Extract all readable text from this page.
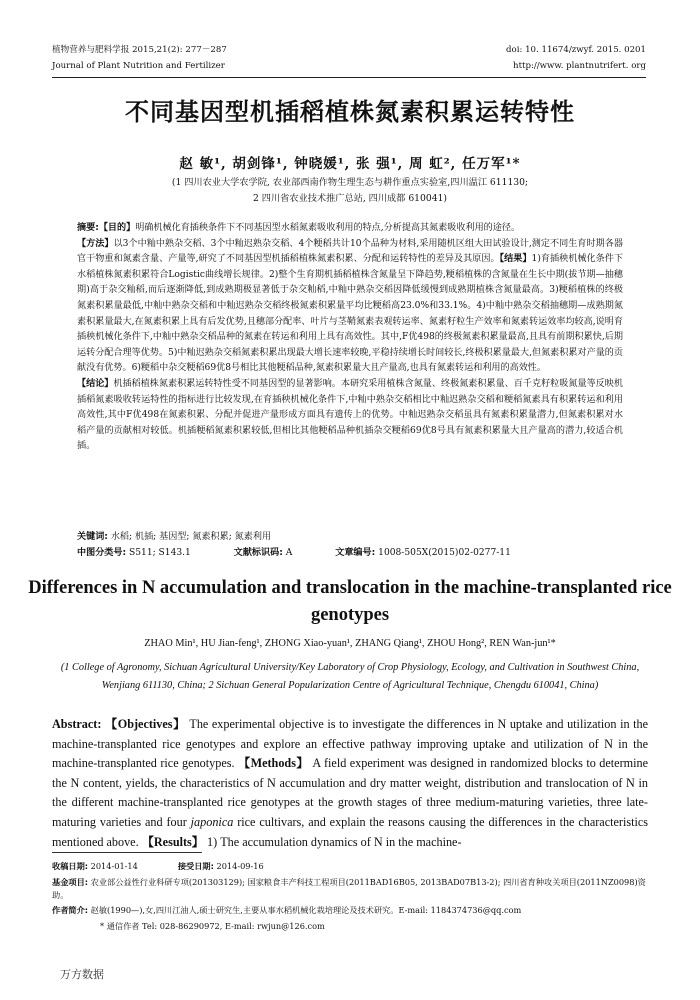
植物营养与肥料学报 2015,21(2): 277－287	doi: 10. 11674/zwyf. 2015. 0201
Journal of Plant Nutrition and Fertilizer	http://www. plantnutrifert. org
不同基因型机插稻植株氮素积累运转特性
赵 敏¹, 胡剑锋¹, 钟晓媛¹, 张 强¹, 周 虹², 任万军¹*
(1 四川农业大学农学院, 农业部西南作物生理生态与耕作重点实验室,四川温江 611130;
2 四川省农业技术推广总站, 四川成都 610041)

摘要:【目的】明确机械化育插秧条件下不同基因型水稻氮素吸收利用的特点,分析提高其氮素吸收利用的途径。

【方法】以3个中籼中熟杂交稻、3个中籼迟熟杂交稻、4个粳稻共计10个品种为材料,采用随机区组大田试验设计,测定不同生育时期各器官干物重和氮素含量、产量等,研究了不同基因型机插稻植株氮素积累、分配和运转特性的差异及其原因。【结果】1)育插秧机械化条件下水稻植株氮素积累符合Logistic曲线增长规律。2)整个生育期机插稻植株含氮量呈下降趋势,粳稻植株的含氮量在生长中期(拔节期—抽穗期)高于杂交籼稻,而后逐渐降低,到成熟期极显著低于杂交籼稻,中籼中熟杂交稻因降低缓慢到成熟期植株含氮量最高。3)粳稻植株的终极氮素积累量最低,中籼中熟杂交稻和中籼迟熟杂交稻终极氮素积累量平均比粳稻高23.0%和33.1%。4)中籼中熟杂交稻抽穗期—成熟期氮素积累量最大,在氮素积累上具有后发优势,且穗部分配率、叶片与茎鞘氮素表观转运率、氮素籽粒生产效率和氮素转运效率均较高,说明育插秧机械化条件下,中籼中熟杂交稻品种的氮素在转运和利用上具有高效性。其中,F优498的终极氮素积累量最高,且具有前期积累快,后期运转分配合理等优势。5)中籼迟熟杂交稻氮素积累出现最大增长速率较晚,平稳持续增长时间较长,终极积累量最大,但氮素积累对产量的贡献没有优势。6)粳稻中杂交粳稻69优8号相比其他粳稻品种,氮素积累量大且产量高,也具有氮素转运和利用的高效性。

【结论】机插稻植株氮素积累运转特性受不同基因型的显著影响。本研究采用植株含氮量、终极氮素积累量、百千克籽粒吸氮量等反映机插稻氮素吸收转运特性的指标进行比较发现,在育插秧机械化条件下,中籼中熟杂交稻相比中籼迟熟杂交稻和粳稻氮素具有积累转运和利用高效性,其中F优498在氮素积累、分配并促进产量形成方面具有遗传上的优势。中籼迟熟杂交稻虽具有氮素积累量潜力,但氮素积累对水稻产量的贡献相对较低。机插粳稻氮素积累较低,但相比其他粳稻品种机插杂交粳稻69优8号具有氮素积累量大且产量高的潜力,较适合机插。

关键词: 水稻; 机插; 基因型; 氮素积累; 氮素利用
中图分类号: S511; S143.1	文献标识码: A	文章编号: 1008-505X(2015)02-0277-11
Differences in N accumulation and translocation in the machine-transplanted rice genotypes
ZHAO Min¹, HU Jian-feng¹, ZHONG Xiao-yuan¹, ZHANG Qiang¹, ZHOU Hong², REN Wan-jun¹*
(1 College of Agronomy, Sichuan Agricultural University/Key Laboratory of Crop Physiology, Ecology, and Cultivation in Southwest China, Wenjiang 611130, China; 2 Sichuan General Popularization Centre of Agricultural Technique, Chengdu 610041, China)

Abstract: 【Objectives】 The experimental objective is to investigate the differences in N uptake and utilization in the machine-transplanted rice genotypes and explore an effective pathway improving uptake and utilization of N in the machine-transplanted rice genotypes. 【Methods】 A field experiment was designed in randomized blocks to determine the N content, yields, the characteristics of N accumulation and dry matter weight, distribution and translocation of N in the different machine-transplanted rice genotypes at the growth stages of three medium-maturing varieties, three late-maturing varieties and four japonica rice cultivars, and explain the reasons causing the differences in the characteristics mentioned above. 【Results】 1) The accumulation dynamics of N in the machine-

收稿日期: 2014-01-14	接受日期: 2014-09-16
基金项目: 农业部公益性行业科研专项(201303129); 国家粮食丰产科技工程项目(2011BAD16B05, 2013BAD07B13-2); 四川省育种攻关项目(2011NZ0098)资助。
作者简介: 赵敏(1990—),女,四川江油人,硕士研究生,主要从事水稻机械化栽培理论及技术研究。E-mail: 1184374736@qq.com
* 通信作者 Tel: 028-86290972, E-mail: rwjun@126.com
万方数据
